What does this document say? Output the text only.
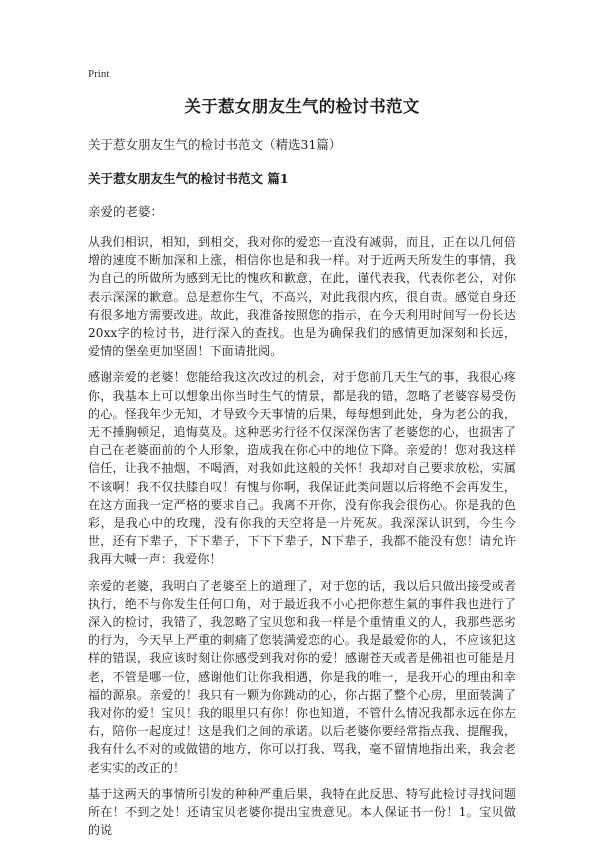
Print
关于惹女朋友生气的检讨书范文
关于惹女朋友生气的检讨书范文（精选31篇）
关于惹女朋友生气的检讨书范文 篇1
亲爱的老婆：

从我们相识，相知，到相交，我对你的爱恋一直没有减弱，而且，正在以几何倍增的速度不断加深和上涨，相信你也是和我一样。对于近两天所发生的事情，我为自己的所做所为感到无比的愧疚和歉意，在此，谨代表我，代表你老公，对你表示深深的歉意。总是惹你生气，不高兴，对此我很内疚，很自责。感觉自身还有很多地方需要改进。故此，我准备按照您的指示，在今天利用时间写一份长达20xx字的检讨书，进行深入的查找。也是为确保我们的感情更加深刻和长远，爱情的堡垒更加坚固！下面请批阅。

感谢亲爱的老婆！您能给我这次改过的机会，对于您前几天生气的事，我很心疼你，我基本上可以想象出你当时生气的情景，都是我的错，忽略了老婆容易受伤的心。怪我年少无知，才导致今天事情的后果，每每想到此处，身为老公的我，无不捶胸顿足，追悔莫及。这种恶劣行径不仅深深伤害了老婆您的心，也损害了自己在老婆面前的个人形象，造成我在你心中的地位下降。亲爱的！您对我这样信任，让我不抽烟，不喝酒，对我如此这般的关怀！我却对自己要求放松，实属不该啊！我不仅扶膝自叹！有愧与你啊，我保证此类问题以后将绝不会再发生，在这方面我一定严格的要求自己。我离不开你，没有你我会很伤心。你是我的色彩，是我心中的玫瑰，没有你我的天空将是一片死灰。我深深认识到，今生今世，还有下辈子，下下辈子，下下下辈子，N下辈子，我都不能没有您！请允许我再大喊一声：我爱你！

亲爱的老婆，我明白了老婆至上的道理了，对于您的话，我以后只做出接受或者执行，绝不与你发生任何口角，对于最近我不小心把你惹生氣的事件我也进行了深入的检讨，我错了，我忽略了宝贝您和我一样是个重情重义的人，我那些恶劣的行为，今天早上严重的刺痛了您装满爱恋的心。我是最爱你的人，不应该犯这样的错误，我应该时刻让你感受到我对你的爱！感谢苍天或者是佛祖也可能是月老，不管是哪一位，感谢他们让你我相遇，你是我的唯一，是我开心的理由和幸福的源泉。亲爱的！我只有一颗为你跳动的心，你占据了整个心房，里面装满了我对你的爱！宝贝！我的眼里只有你！你也知道，不管什么情况我都永远在你左右，陪你一起度过！这是我们之间的承诺。以后老婆你要经常指点我、提醒我，我有什么不对的或做错的地方，你可以打我、骂我，毫不留情地指出来，我会老老实实的改正的！

基于这两天的事情所引发的种种严重后果，我特在此反思、特写此检讨寻找问题所在！不到之处！还请宝贝老婆你提出宝贵意见。本人保证书一份！1。宝贝做的说
